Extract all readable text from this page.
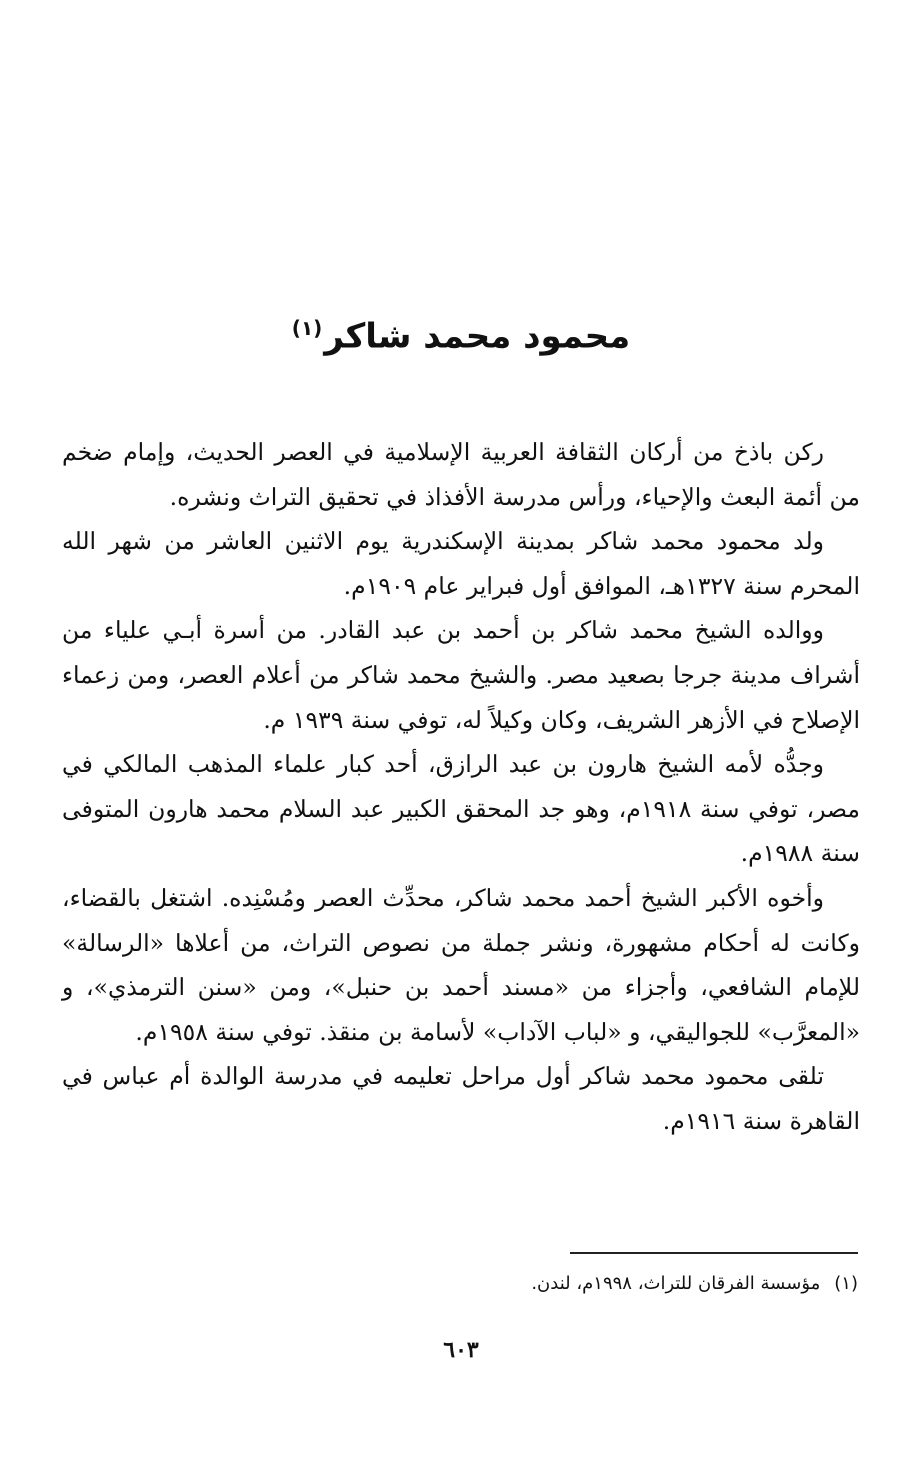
محمود محمد شاكر$^{(١)}$

ركن باذخ من أركان الثقافة العربية الإسلامية في العصر الحديث، وإمام ضخم من أئمة البعث والإحياء، ورأس مدرسة الأفذاذ في تحقيق التراث ونشره.

ولد محمود محمد شاكر بمدينة الإسكندرية يوم الاثنين العاشر من شهر الله المحرم سنة ١٣٢٧هـ، الموافق أول فبراير عام ١٩٠٩م.

ووالده الشيخ محمد شاكر بن أحمد بن عبد القادر. من أسرة أبـي علياء من أشراف مدينة جرجا بصعيد مصر. والشيخ محمد شاكر من أعلام العصر، ومن زعماء الإصلاح في الأزهر الشريف، وكان وكيلاً له، توفي سنة ١٩٣٩ م.

وجدُّه لأمه الشيخ هارون بن عبد الرازق، أحد كبار علماء المذهب المالكي في مصر، توفي سنة ١٩١٨م، وهو جد المحقق الكبير عبد السلام محمد هارون المتوفى سنة ١٩٨٨م.

وأخوه الأكبر الشيخ أحمد محمد شاكر، محدِّث العصر ومُسْنِده. اشتغل بالقضاء، وكانت له أحكام مشهورة، ونشر جملة من نصوص التراث، من أعلاها «الرسالة» للإمام الشافعي، وأجزاء من «مسند أحمد بن حنبل»، ومن «سنن الترمذي»، و «المعرَّب» للجواليقي، و «لباب الآداب» لأسامة بن منقذ. توفي سنة ١٩٥٨م.

تلقى محمود محمد شاكر أول مراحل تعليمه في مدرسة الوالدة أم عباس في القاهرة سنة ١٩١٦م.

(١)مؤسسة الفرقان للتراث، ١٩٩٨م، لندن.

٦٠٣
